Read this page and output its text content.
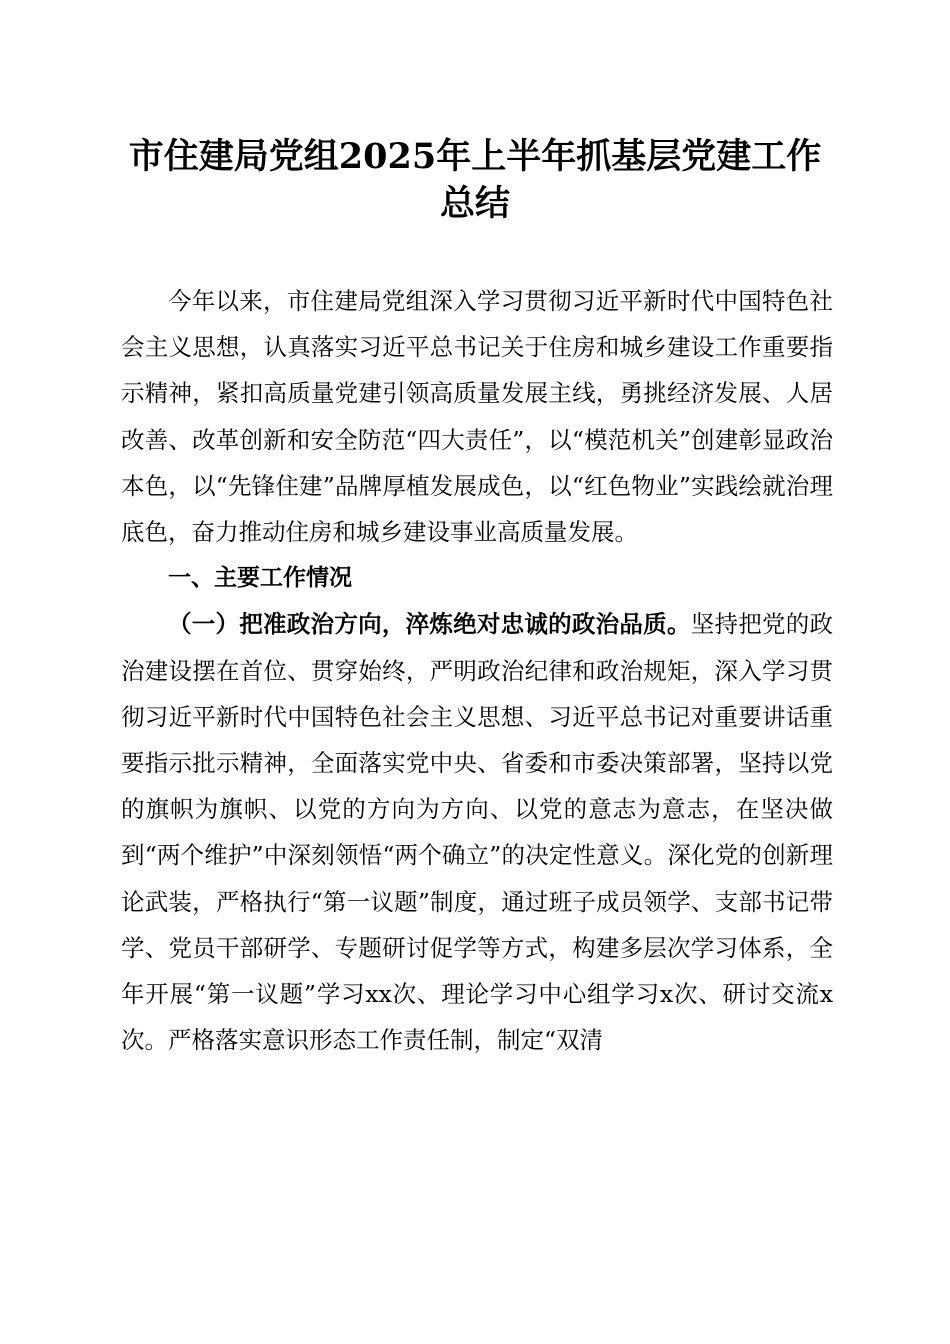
市住建局党组2025年上半年抓基层党建工作
总结

今年以来，市住建局党组深入学习贯彻习近平新时代中国特色社会主义思想，认真落实习近平总书记关于住房和城乡建设工作重要指示精神，紧扣高质量党建引领高质量发展主线，勇挑经济发展、人居改善、改革创新和安全防范“四大责任”，以“模范机关”创建彰显政治本色，以“先锋住建”品牌厚植发展成色，以“红色物业”实践绘就治理底色，奋力推动住房和城乡建设事业高质量发展。

一、主要工作情况

（一）把准政治方向，淬炼绝对忠诚的政治品质。坚持把党的政治建设摆在首位、贯穿始终，严明政治纪律和政治规矩，深入学习贯彻习近平新时代中国特色社会主义思想、习近平总书记对重要讲话重要指示批示精神，全面落实党中央、省委和市委决策部署，坚持以党的旗帜为旗帜、以党的方向为方向、以党的意志为意志，在坚决做到“两个维护”中深刻领悟“两个确立”的决定性意义。深化党的创新理论武装，严格执行“第一议题”制度，通过班子成员领学、支部书记带学、党员干部研学、专题研讨促学等方式，构建多层次学习体系，全年开展“第一议题”学习xx次、理论学习中心组学习x次、研讨交流x次。严格落实意识形态工作责任制，制定“双清
